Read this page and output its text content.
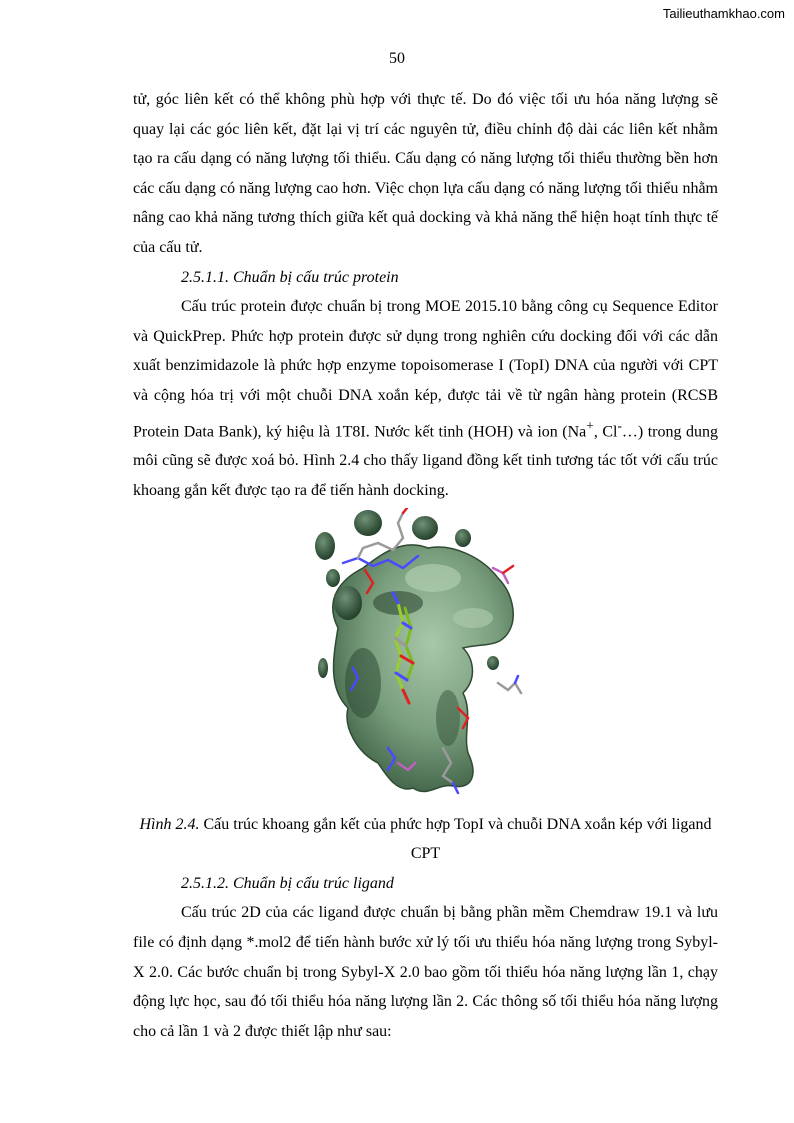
Tailieuthamkhao.com
50

tử, góc liên kết có thể không phù hợp với thực tế. Do đó việc tối ưu hóa năng lượng sẽ quay lại các góc liên kết, đặt lại vị trí các nguyên tử, điều chỉnh độ dài các liên kết nhằm tạo ra cấu dạng có năng lượng tối thiểu. Cấu dạng có năng lượng tối thiểu thường bền hơn các cấu dạng có năng lượng cao hơn. Việc chọn lựa cấu dạng có năng lượng tối thiểu nhằm nâng cao khả năng tương thích giữa kết quả docking và khả năng thể hiện hoạt tính thực tế của cấu tử.

2.5.1.1. Chuẩn bị cấu trúc protein

Cấu trúc protein được chuẩn bị trong MOE 2015.10 bằng công cụ Sequence Editor và QuickPrep. Phức hợp protein được sử dụng trong nghiên cứu docking đối với các dẫn xuất benzimidazole là phức hợp enzyme topoisomerase I (TopI) DNA của người với CPT và cộng hóa trị với một chuỗi DNA xoắn kép, được tải về từ ngân hàng protein (RCSB Protein Data Bank), ký hiệu là 1T8I. Nước kết tinh (HOH) và ion (Na+, Cl-…) trong dung môi cũng sẽ được xoá bỏ. Hình 2.4 cho thấy ligand đồng kết tinh tương tác tốt với cấu trúc khoang gắn kết được tạo ra để tiến hành docking.

Hình 2.4. Cấu trúc khoang gắn kết của phức hợp TopI và chuỗi DNA xoắn kép với ligand CPT

2.5.1.2. Chuẩn bị cấu trúc ligand

Cấu trúc 2D của các ligand được chuẩn bị bằng phần mềm Chemdraw 19.1 và lưu file có định dạng *.mol2 để tiến hành bước xử lý tối ưu thiểu hóa năng lượng trong Sybyl-X 2.0. Các bước chuẩn bị trong Sybyl-X 2.0 bao gồm tối thiểu hóa năng lượng lần 1, chạy động lực học, sau đó tối thiểu hóa năng lượng lần 2. Các thông số tối thiểu hóa năng lượng cho cả lần 1 và 2 được thiết lập như sau:
